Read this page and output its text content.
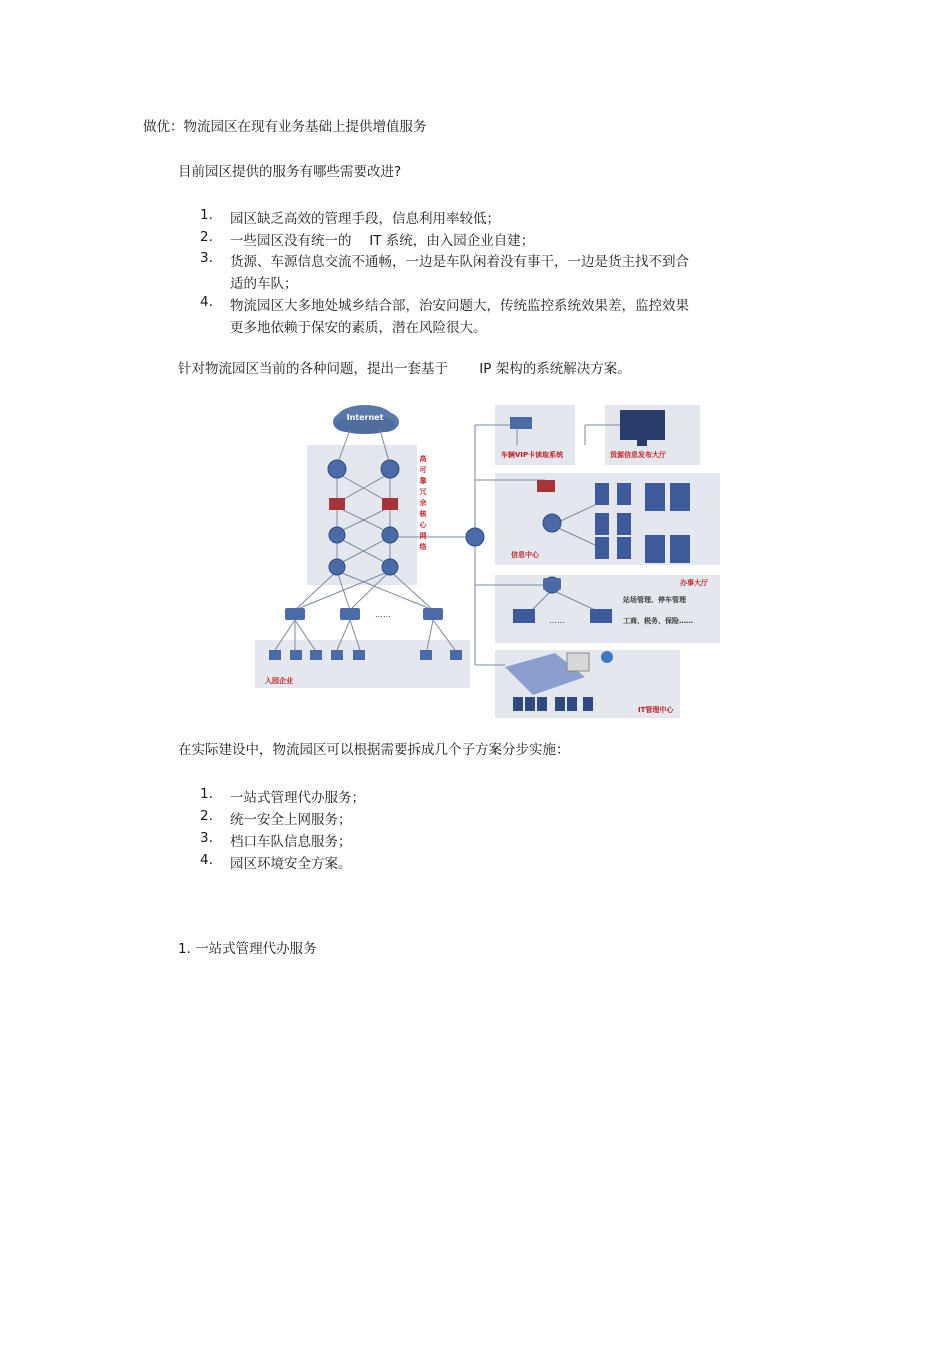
做优：物流园区在现有业务基础上提供增值服务
目前园区提供的服务有哪些需要改进?
1.	园区缺乏高效的管理手段，信息利用率较低；
2.	一些园区没有统一的　 IT 系统，由入园企业自建；
3.	货源、车源信息交流不通畅，一边是车队闲着没有事干，一边是货主找不到合
适的车队；
4.	物流园区大多地处城乡结合部，治安问题大，传统监控系统效果差，监控效果
更多地依赖于保安的素质，潜在风险很大。
针对物流园区当前的各种问题，提出一套基于　　 IP 架构的系统解决方案。
Internet
高可靠冗余核心网络
……
入园企业
车辆VIP卡读取系统	货源信息发布大厅
信息中心
办事大厅
站场管理、停车管理
工商、税务、保险……
……
IT管理中心
在实际建设中，物流园区可以根据需要拆成几个子方案分步实施：
1.	一站式管理代办服务；
2.	统一安全上网服务；
3.	档口车队信息服务；
4.	园区环境安全方案。
1. 一站式管理代办服务
